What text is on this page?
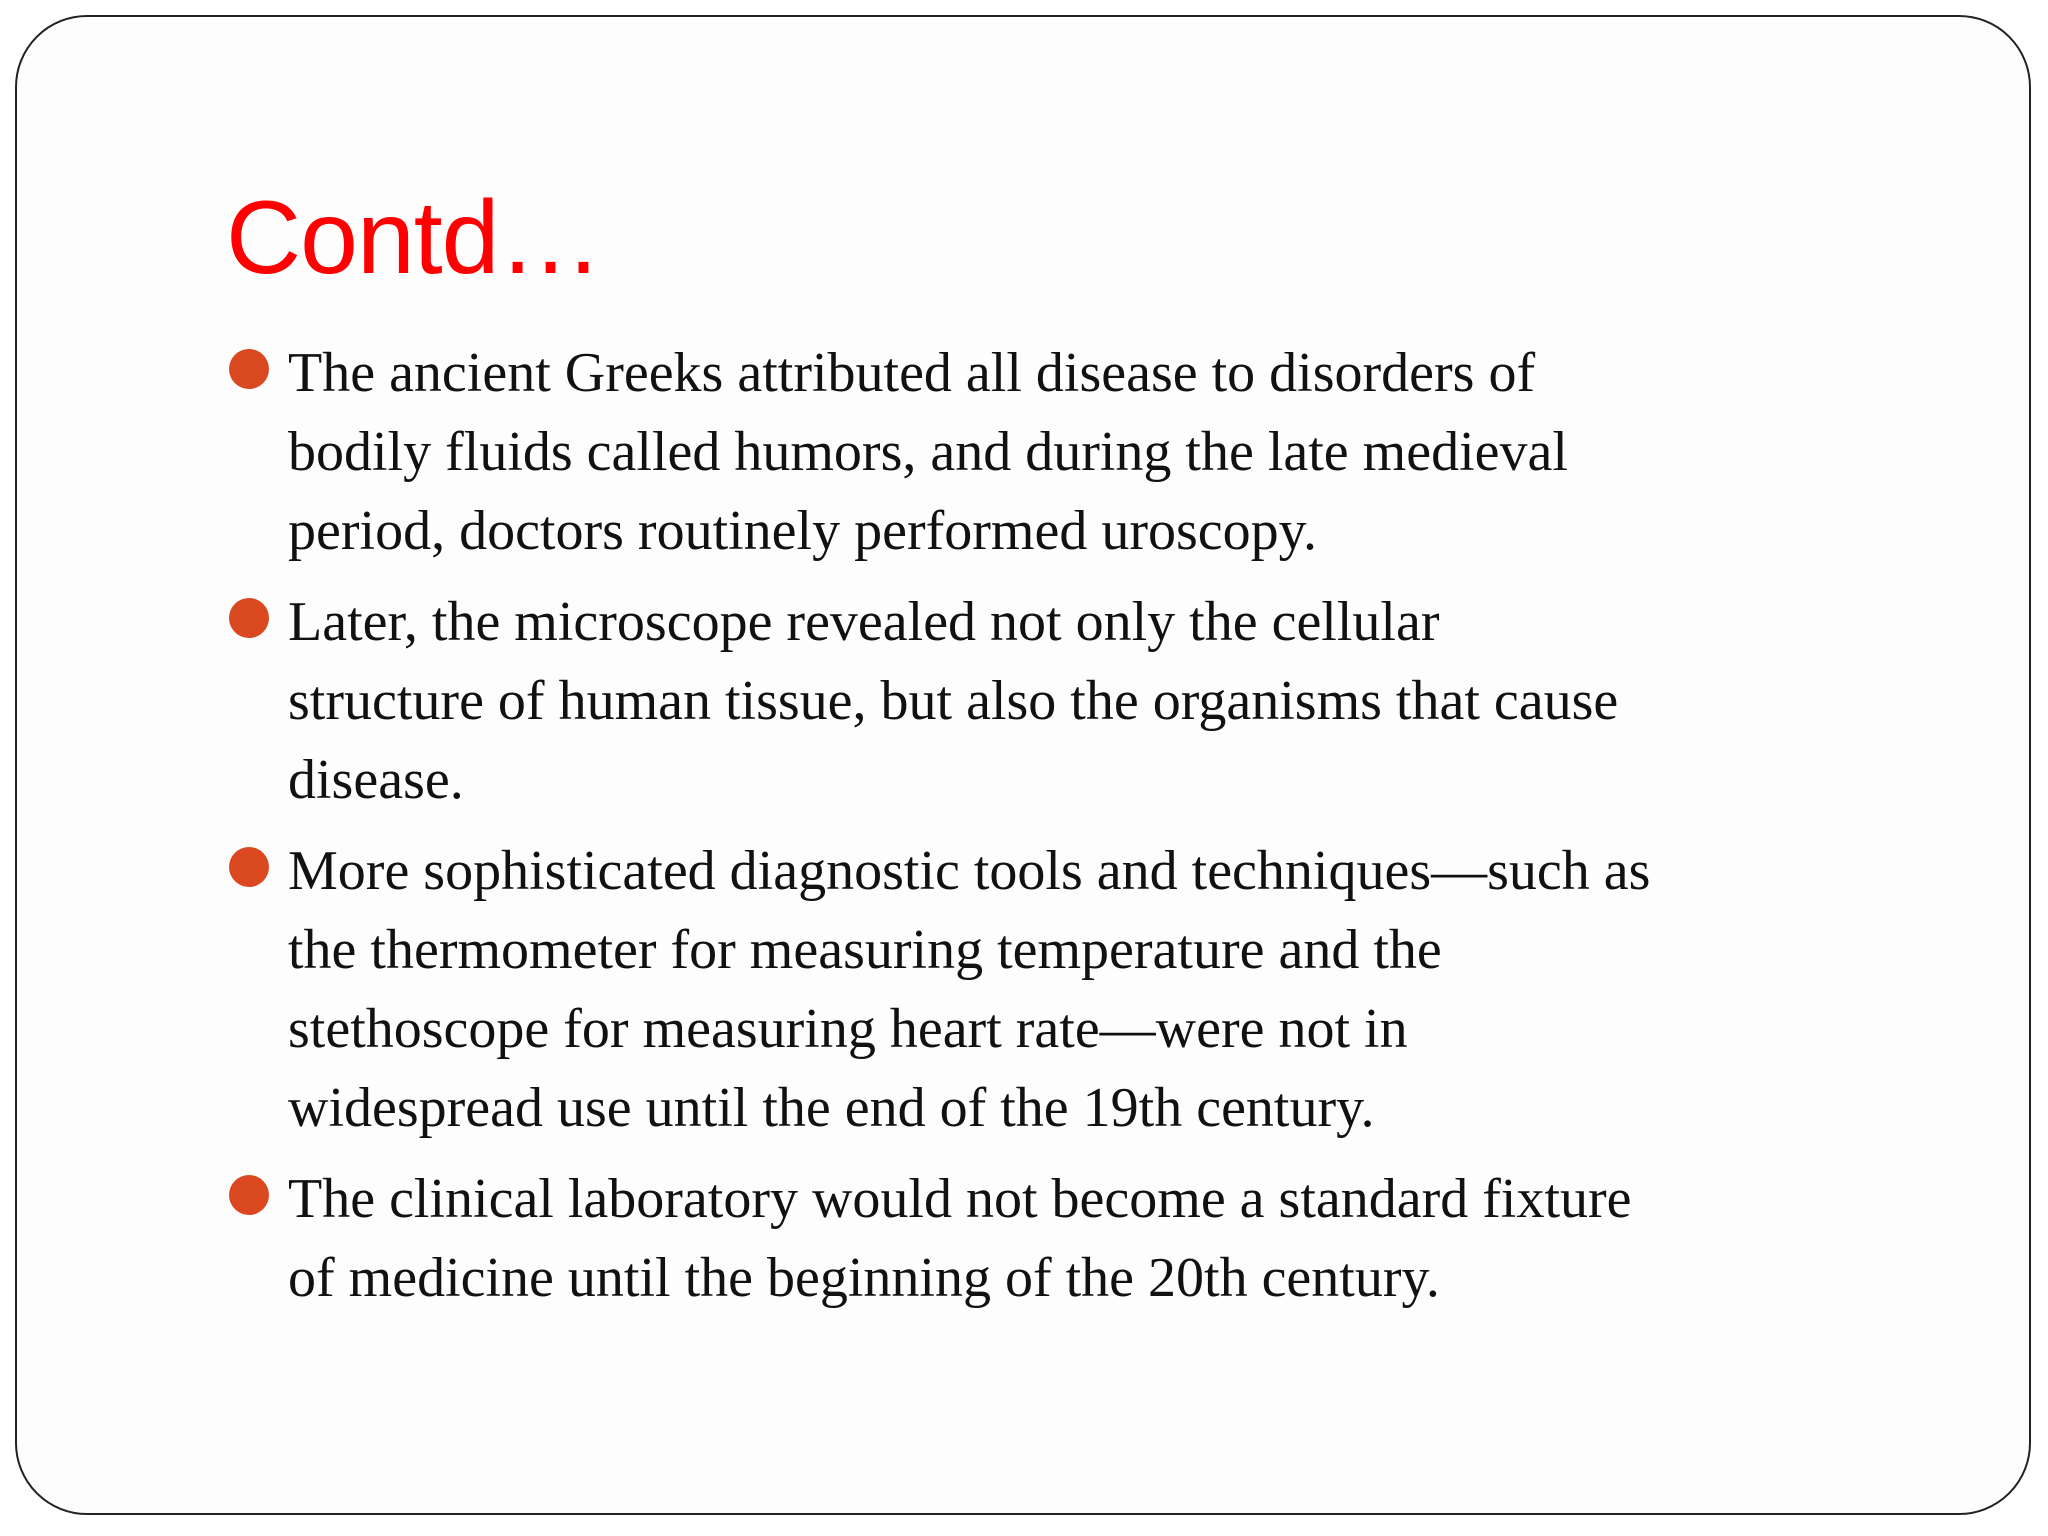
Contd…
The ancient Greeks attributed all disease to disorders of
bodily fluids called humors, and during the late medieval
period, doctors routinely performed uroscopy.
Later, the microscope revealed not only the cellular
structure of human tissue, but also the organisms that cause
disease.
More sophisticated diagnostic tools and techniques—such as
the thermometer for measuring temperature and the
stethoscope for measuring heart rate—were not in
widespread use until the end of the 19th century.
The clinical laboratory would not become a standard fixture
of medicine until the beginning of the 20th century.
